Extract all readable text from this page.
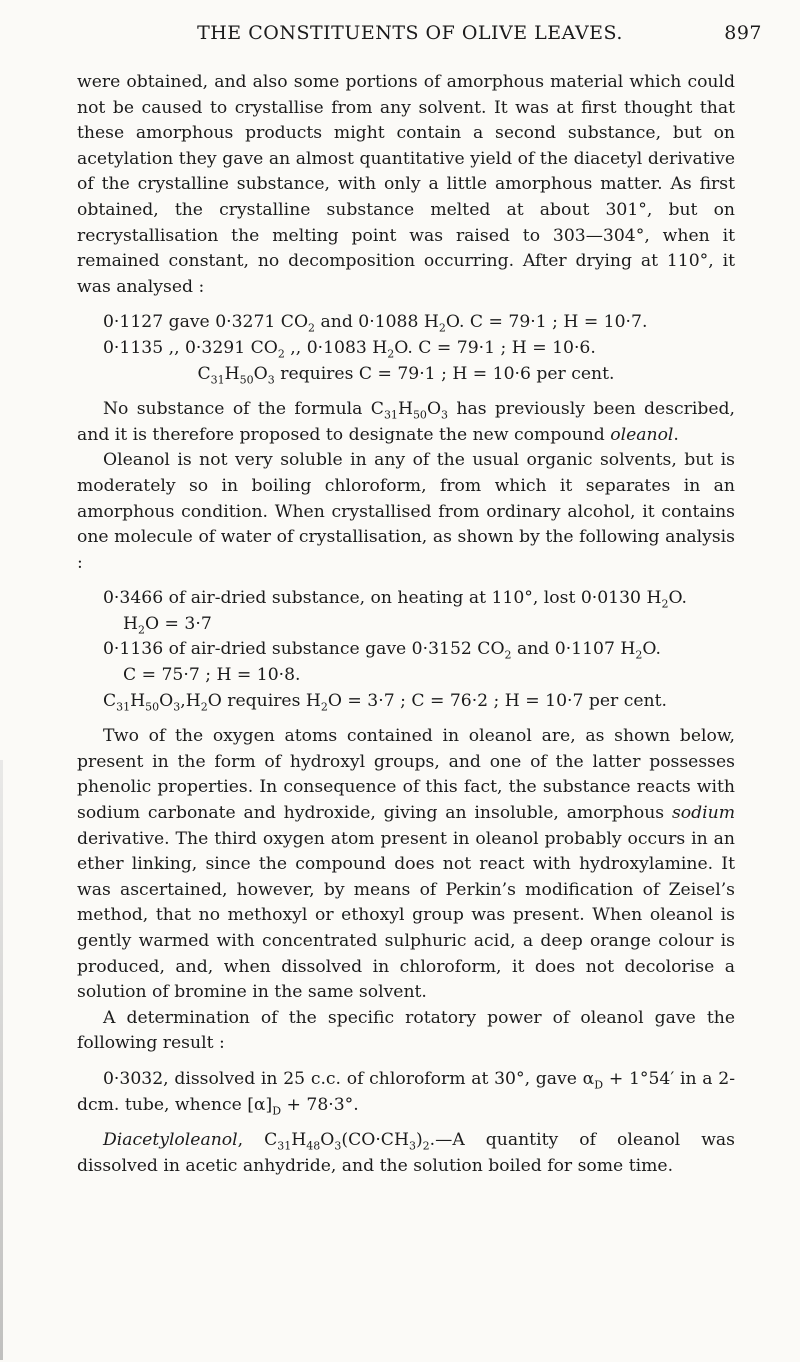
THE CONSTITUENTS OF OLIVE LEAVES.	897

were obtained, and also some portions of amorphous material which could not be caused to crystallise from any solvent. It was at first thought that these amorphous products might contain a second substance, but on acetylation they gave an almost quantitative yield of the diacetyl derivative of the crystalline substance, with only a little amorphous matter. As first obtained, the crystalline substance melted at about 301°, but on recrystallisation the melting point was raised to 303—304°, when it remained constant, no decomposition occurring. After drying at 110°, it was analysed :

0·1127 gave 0·3271 $CO_2$ and 0·1088 $H_2O$. C = 79·1 ; H = 10·7.

0·1135 ,, 0·3291 $CO_2$ ,, 0·1083 $H_2O$. C = 79·1 ; H = 10·6.

$C_{31}H_{50}O_3$ requires C = 79·1 ; H = 10·6 per cent.

No substance of the formula $C_{31}H_{50}O_3$ has previously been described, and it is therefore proposed to designate the new compound oleanol.

Oleanol is not very soluble in any of the usual organic solvents, but is moderately so in boiling chloroform, from which it separates in an amorphous condition. When crystallised from ordinary alcohol, it contains one molecule of water of crystallisation, as shown by the following analysis :

0·3466 of air-dried substance, on heating at 110°, lost 0·0130 $H_2O$.
$H_2O = 3\cdot 7$

0·1136 of air-dried substance gave 0·3152 $CO_2$ and 0·1107 $H_2O$.
C = 75·7 ; H = 10·8.

$C_{31}H_{50}O_3,H_2O$ requires $H_2O = 3\cdot 7$ ; C = 76·2 ; H = 10·7 per cent.

Two of the oxygen atoms contained in oleanol are, as shown below, present in the form of hydroxyl groups, and one of the latter possesses phenolic properties. In consequence of this fact, the substance reacts with sodium carbonate and hydroxide, giving an insoluble, amorphous sodium derivative. The third oxygen atom present in oleanol probably occurs in an ether linking, since the compound does not react with hydroxylamine. It was ascertained, however, by means of Perkin’s modification of Zeisel’s method, that no methoxyl or ethoxyl group was present. When oleanol is gently warmed with concentrated sulphuric acid, a deep orange colour is produced, and, when dissolved in chloroform, it does not decolorise a solution of bromine in the same solvent.

A determination of the specific rotatory power of oleanol gave the following result :

0·3032, dissolved in 25 c.c. of chloroform at 30°, gave $\alpha_D + 1^\circ 54'$ in a 2-dcm. tube, whence $[\alpha]_D + 78\cdot 3^\circ$.

Diacetyloleanol, $C_{31}H_{48}O_3(CO\cdot CH_3)_2.—A$ quantity of oleanol was dissolved in acetic anhydride, and the solution boiled for some time.
